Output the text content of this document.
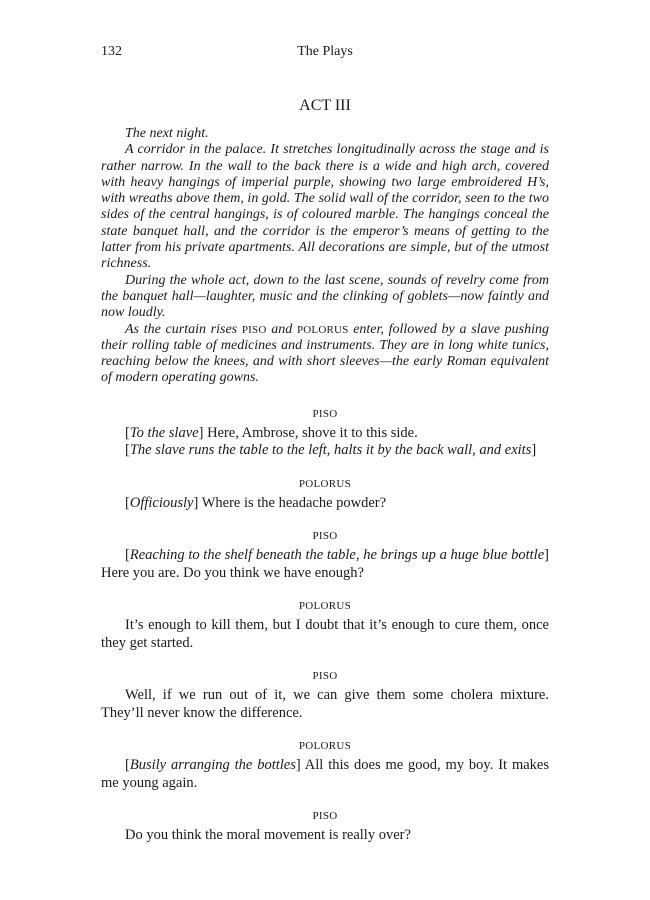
132	The Plays
ACT III

The next night.

A corridor in the palace. It stretches longitudinally across the stage and is rather narrow. In the wall to the back there is a wide and high arch, covered with heavy hangings of imperial purple, showing two large embroidered H’s, with wreaths above them, in gold. The solid wall of the corridor, seen to the two sides of the central hangings, is of coloured marble. The hangings conceal the state banquet hall, and the corridor is the emperor’s means of getting to the latter from his private apartments. All decorations are simple, but of the utmost richness.

During the whole act, down to the last scene, sounds of revelry come from the banquet hall—laughter, music and the clinking of goblets—now faintly and now loudly.

As the curtain rises PISO and POLORUS enter, followed by a slave pushing their rolling table of medicines and instruments. They are in long white tunics, reaching below the knees, and with short sleeves—the early Roman equivalent of modern operating gowns.

PISO

[To the slave] Here, Ambrose, shove it to this side.

[The slave runs the table to the left, halts it by the back wall, and exits]

POLORUS

[Officiously] Where is the headache powder?

PISO

[Reaching to the shelf beneath the table, he brings up a huge blue bottle] Here you are. Do you think we have enough?

POLORUS

It’s enough to kill them, but I doubt that it’s enough to cure them, once they get started.

PISO

Well, if we run out of it, we can give them some cholera mixture. They’ll never know the difference.

POLORUS

[Busily arranging the bottles] All this does me good, my boy. It makes me young again.

PISO

Do you think the moral movement is really over?
